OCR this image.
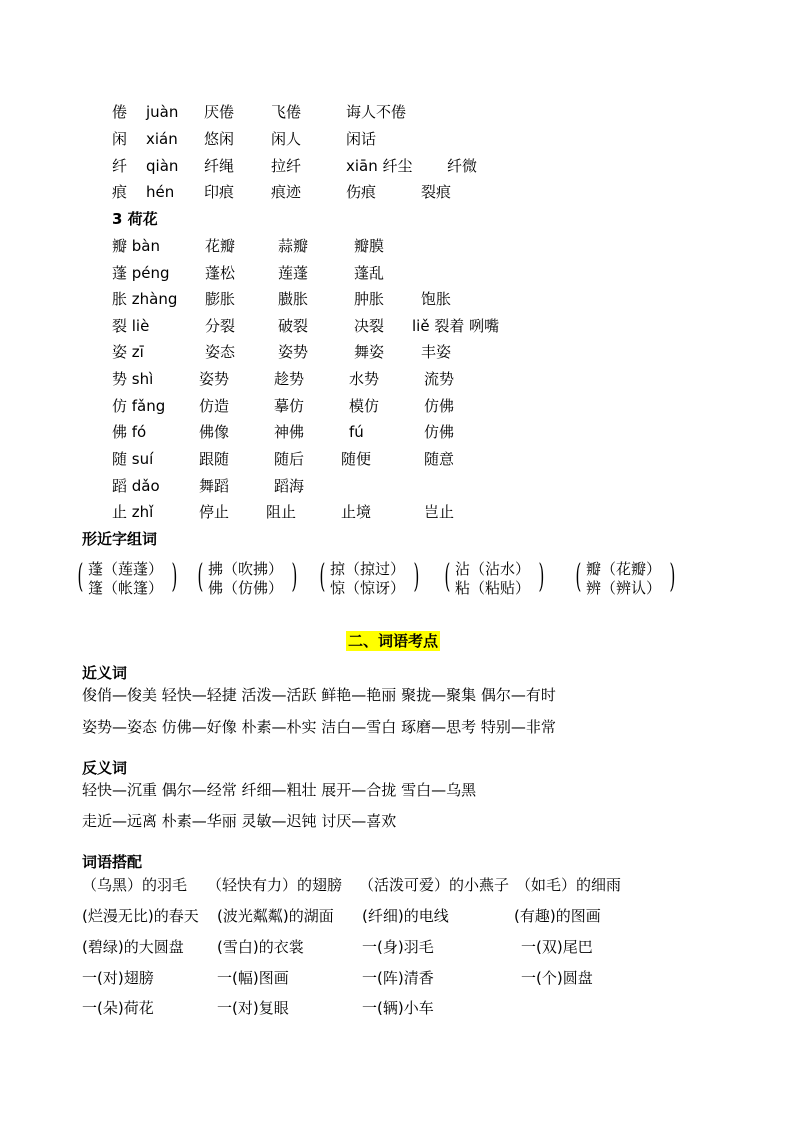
倦 juàn 厌倦 飞倦	诲人不倦
闲 xián 悠闲 闲人	闲话
纤 qiàn 纤绳 拉纤	xiān 纤尘 纤微
痕 hén 印痕 痕迹	伤痕	裂痕
3 荷花
瓣 bàn	花瓣	蒜瓣	瓣膜
蓬 péng 蓬松	莲蓬	蓬乱
胀 zhàng 膨胀	臌胀	肿胀 饱胀
裂 liè	分裂	破裂	决裂 liě 裂着 咧嘴
姿 zī	姿态	姿势	舞姿 丰姿
势 shì	姿势	趁势	水势	流势
仿 fǎng 仿造	摹仿	模仿	仿佛
佛 fó	佛像	神佛	fú	仿佛
随 suí	跟随	随后 随便	随意
蹈 dǎo	舞蹈	蹈海
止 zhǐ	停止 阻止	止境	岂止
形近字组词
( 蓬（莲蓬）
篷（帐篷） ) ( 拂（吹拂）
佛（仿佛） ) ( 掠（掠过）
惊（惊讶） ) ( 沾（沾水）
粘（粘贴） ) ( 瓣（花瓣）
辨（辨认） )
二、词语考点
近义词
俊俏—俊美 轻快—轻捷 活泼—活跃 鲜艳—艳丽 聚拢—聚集 偶尔—有时
姿势—姿态 仿佛—好像 朴素—朴实 洁白—雪白 琢磨—思考 特别—非常
反义词
轻快—沉重 偶尔—经常 纤细—粗壮 展开—合拢 雪白—乌黑
走近—远离 朴素—华丽 灵敏—迟钝 讨厌—喜欢
词语搭配
（乌黑）的羽毛 （轻快有力）的翅膀 （活泼可爱）的小燕子 （如毛）的细雨
(烂漫无比)的春天 (波光粼粼)的湖面 (纤细)的电线	(有趣)的图画
(碧绿)的大圆盘 (雪白)的衣裳	一(身)羽毛	一(双)尾巴
一(对)翅膀	一(幅)图画	一(阵)清香	一(个)圆盘
一(朵)荷花	一(对)复眼	一(辆)小车
